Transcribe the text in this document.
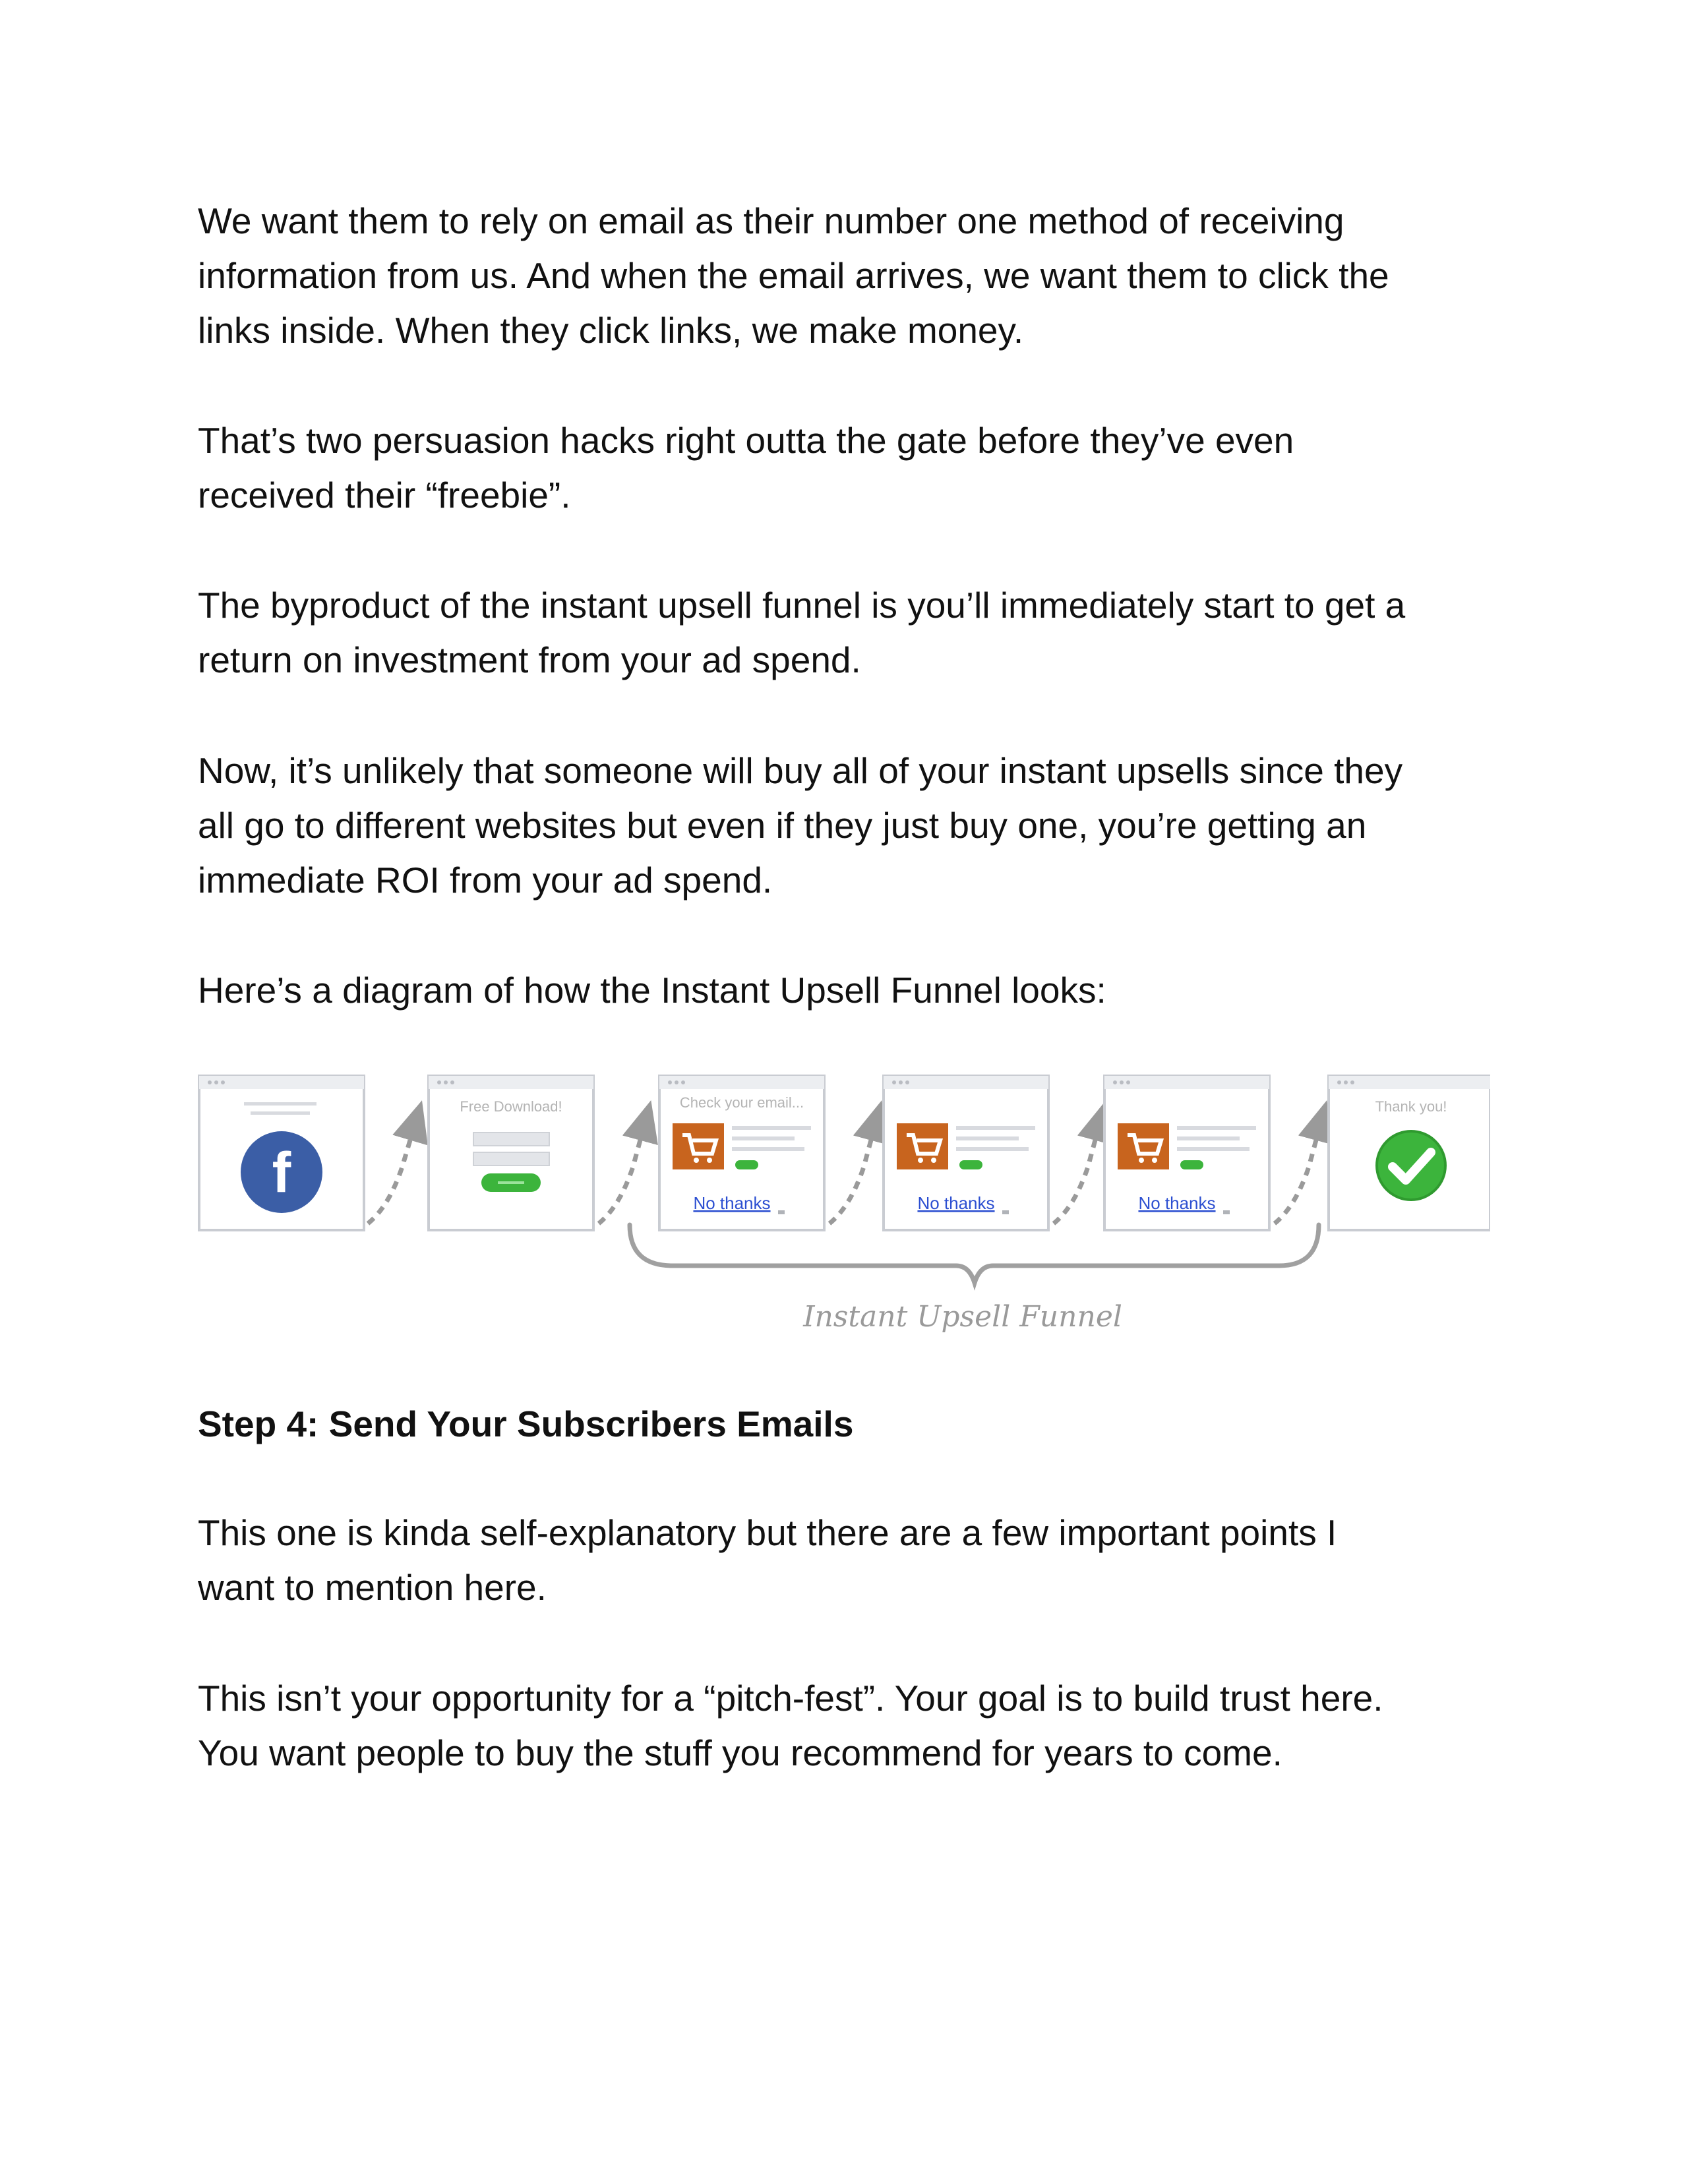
We want them to rely on email as their number one method of receiving
information from us. And when the email arrives, we want them to click the
links inside. When they click links, we make money.

That’s two persuasion hacks right outta the gate before they’ve even
received their “freebie”.

The byproduct of the instant upsell funnel is you’ll immediately start to get a
return on investment from your ad spend.

Now, it’s unlikely that someone will buy all of your instant upsells since they
all go to different websites but even if they just buy one, you’re getting an
immediate ROI from your ad spend.

Here’s a diagram of how the Instant Upsell Funnel looks:

f
Free Download!	Check your email...
No thanks	No thanks	No thanks
Thank you!
Instant Upsell Funnel

Step 4: Send Your Subscribers Emails

This one is kinda self-explanatory but there are a few important points I
want to mention here.

This isn’t your opportunity for a “pitch-fest”. Your goal is to build trust here.
You want people to buy the stuff you recommend for years to come.
